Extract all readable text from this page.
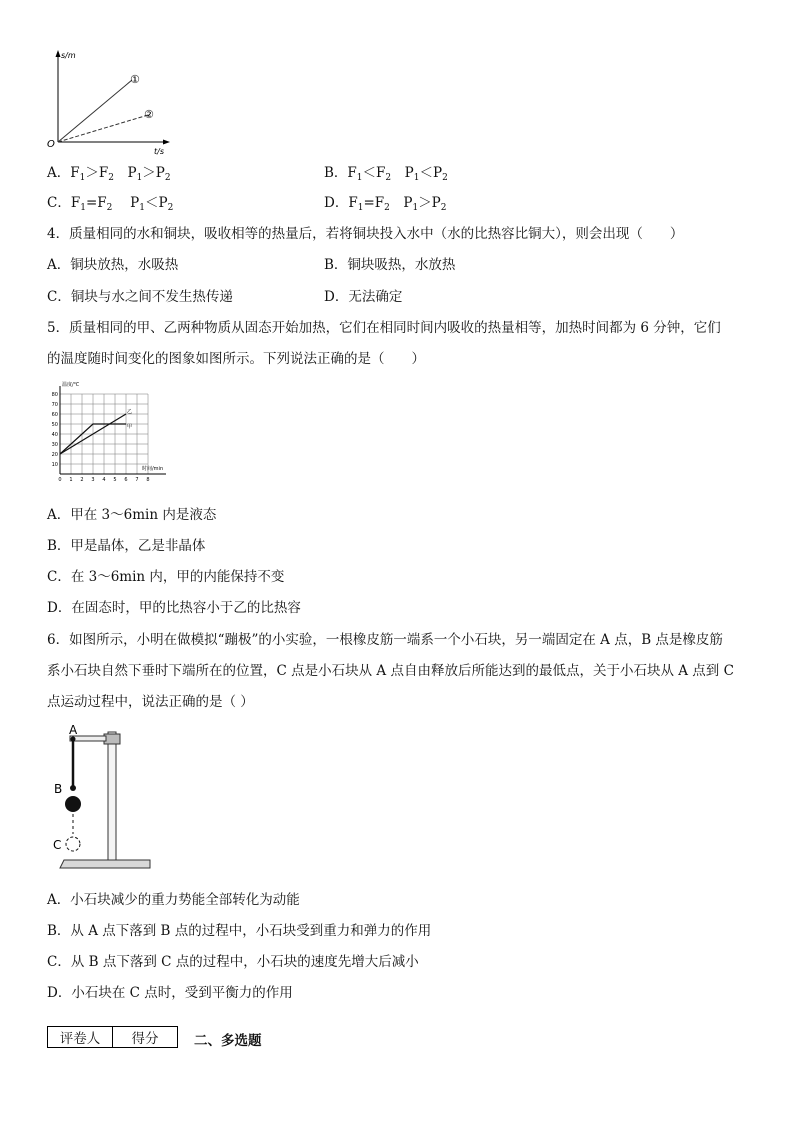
s/m
t/s
O
①
②
A．$F_1>F_2$　$P_1>P_2$	B．$F_1<F_2$　$P_1<P_2$
C．$F_1=F_2$　 $P_1<P_2$	D．$F_1=F_2$　$P_1>P_2$
4．质量相同的水和铜块，吸收相等的热量后，若将铜块投入水中（水的比热容比铜大），则会出现（　　）
A．铜块放热，水吸热	B．铜块吸热，水放热
C．铜块与水之间不发生热传递	D．无法确定
5．质量相同的甲、乙两种物质从固态开始加热，它们在相同时间内吸收的热量相等，加热时间都为 6 分钟，它们
的温度随时间变化的图象如图所示。下列说法正确的是（　　）
10
20
30
40
50
60
70
80
0 1 2 3 4 5 6 7 8
温度/℃
时间/min
甲
乙
A．甲在 3～6min 内是液态
B．甲是晶体，乙是非晶体
C．在 3～6min 内，甲的内能保持不变
D．在固态时，甲的比热容小于乙的比热容
6．如图所示，小明在做模拟“蹦极”的小实验，一根橡皮筋一端系一个小石块，另一端固定在 A 点，B 点是橡皮筋
系小石块自然下垂时下端所在的位置，C 点是小石块从 A 点自由释放后所能达到的最低点，关于小石块从 A 点到 C
点运动过程中，说法正确的是（ ）
A
B
C
A．小石块减少的重力势能全部转化为动能
B．从 A 点下落到 B 点的过程中，小石块受到重力和弹力的作用
C．从 B 点下落到 C 点的过程中，小石块的速度先增大后减小
D．小石块在 C 点时，受到平衡力的作用
评卷人	得分	二、多选题
